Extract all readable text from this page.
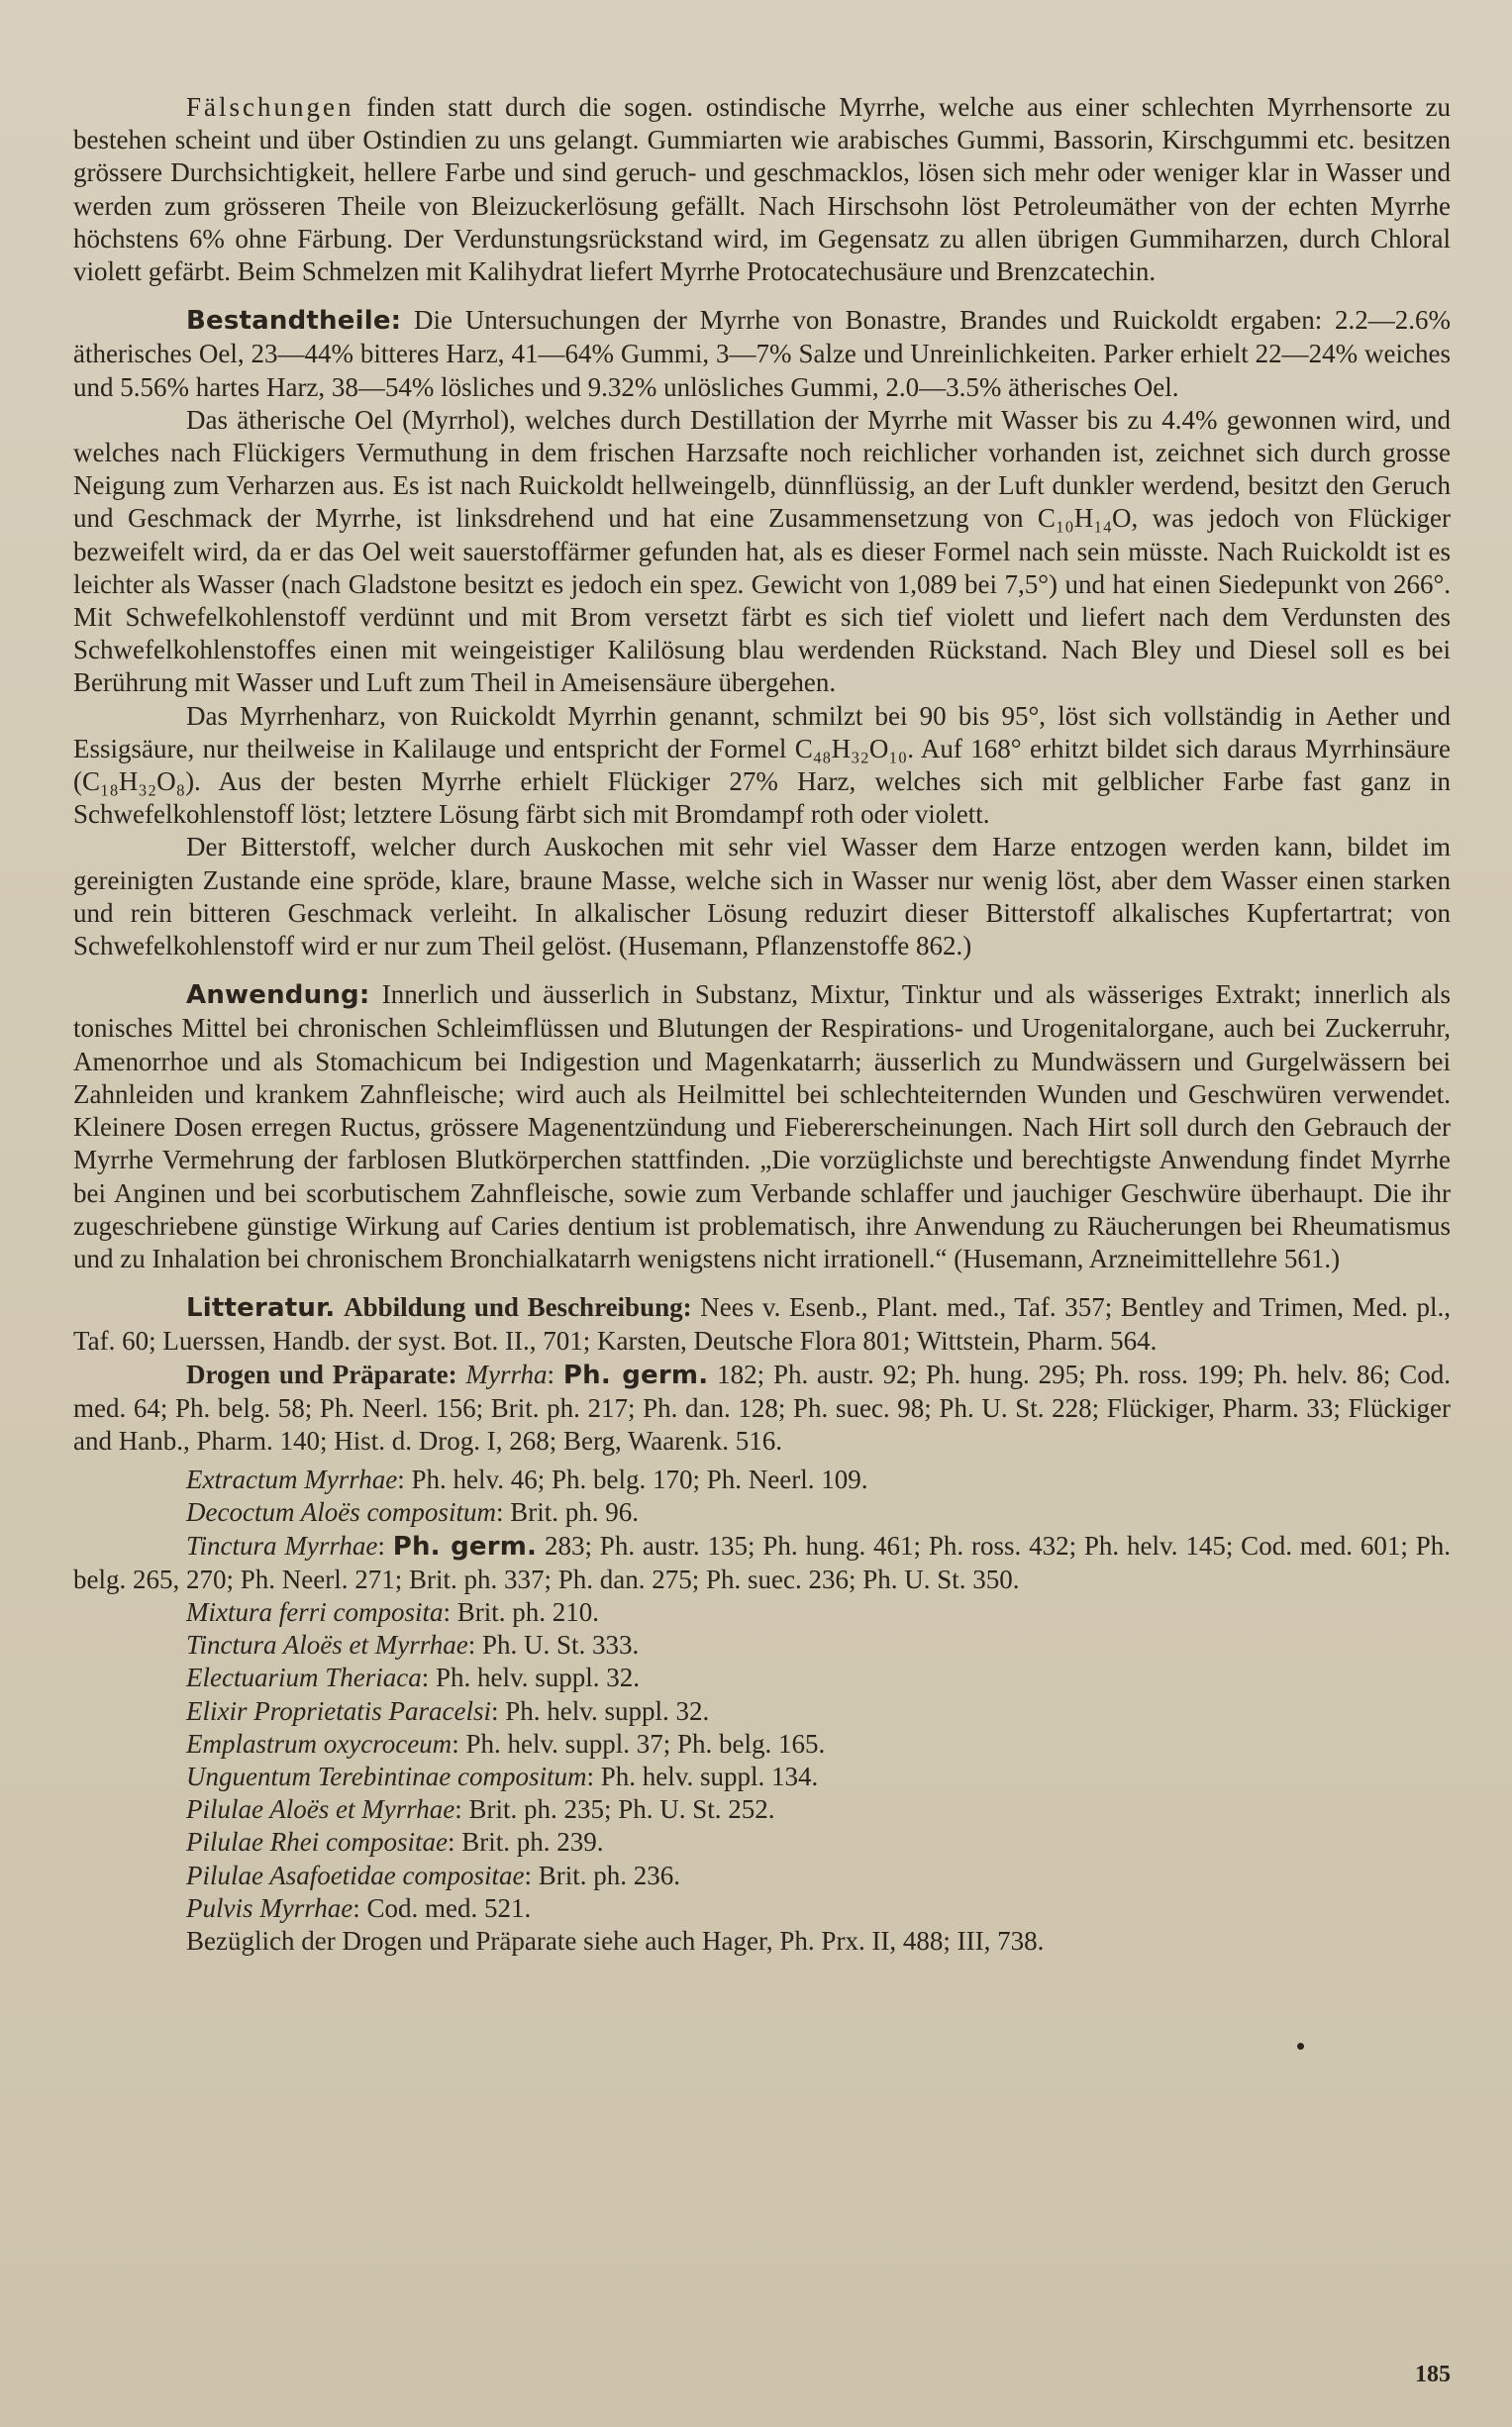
Fälschungen finden statt durch die sogen. ostindische Myrrhe, welche aus einer schlechten Myrrhensorte zu bestehen scheint und über Ostindien zu uns gelangt. Gummiarten wie arabisches Gummi, Bassorin, Kirschgummi etc. besitzen grössere Durchsichtigkeit, hellere Farbe und sind geruch- und geschmacklos, lösen sich mehr oder weniger klar in Wasser und werden zum grösseren Theile von Bleizuckerlösung gefällt. Nach Hirschsohn löst Petroleumäther von der echten Myrrhe höchstens 6% ohne Färbung. Der Verdunstungsrückstand wird, im Gegensatz zu allen übrigen Gummiharzen, durch Chloral violett gefärbt. Beim Schmelzen mit Kalihydrat liefert Myrrhe Protocatechusäure und Brenzcatechin.

Bestandtheile: Die Untersuchungen der Myrrhe von Bonastre, Brandes und Ruickoldt ergaben: 2.2—2.6% ätherisches Oel, 23—44% bitteres Harz, 41—64% Gummi, 3—7% Salze und Unreinlichkeiten. Parker erhielt 22—24% weiches und 5.56% hartes Harz, 38—54% lösliches und 9.32% unlösliches Gummi, 2.0—3.5% ätherisches Oel.

Das ätherische Oel (Myrrhol), welches durch Destillation der Myrrhe mit Wasser bis zu 4.4% gewonnen wird, und welches nach Flückigers Vermuthung in dem frischen Harzsafte noch reichlicher vorhanden ist, zeichnet sich durch grosse Neigung zum Verharzen aus. Es ist nach Ruickoldt hellweingelb, dünnflüssig, an der Luft dunkler werdend, besitzt den Geruch und Geschmack der Myrrhe, ist linksdrehend und hat eine Zusammensetzung von C₁₀H₁₄O, was jedoch von Flückiger bezweifelt wird, da er das Oel weit sauerstoffärmer gefunden hat, als es dieser Formel nach sein müsste. Nach Ruickoldt ist es leichter als Wasser (nach Gladstone besitzt es jedoch ein spez. Gewicht von 1,089 bei 7,5°) und hat einen Siedepunkt von 266°. Mit Schwefelkohlenstoff verdünnt und mit Brom versetzt färbt es sich tief violett und liefert nach dem Verdunsten des Schwefelkohlenstoffes einen mit weingeistiger Kalilösung blau werdenden Rückstand. Nach Bley und Diesel soll es bei Berührung mit Wasser und Luft zum Theil in Ameisensäure übergehen.

Das Myrrhenharz, von Ruickoldt Myrrhin genannt, schmilzt bei 90 bis 95°, löst sich vollständig in Aether und Essigsäure, nur theilweise in Kalilauge und entspricht der Formel C₄₈H₃₂O₁₀. Auf 168° erhitzt bildet sich daraus Myrrhinsäure (C₁₈H₃₂O₈). Aus der besten Myrrhe erhielt Flückiger 27% Harz, welches sich mit gelblicher Farbe fast ganz in Schwefelkohlenstoff löst; letztere Lösung färbt sich mit Bromdampf roth oder violett.

Der Bitterstoff, welcher durch Auskochen mit sehr viel Wasser dem Harze entzogen werden kann, bildet im gereinigten Zustande eine spröde, klare, braune Masse, welche sich in Wasser nur wenig löst, aber dem Wasser einen starken und rein bitteren Geschmack verleiht. In alkalischer Lösung reduzirt dieser Bitterstoff alkalisches Kupfertartrat; von Schwefelkohlenstoff wird er nur zum Theil gelöst. (Husemann, Pflanzenstoffe 862.)

Anwendung: Innerlich und äusserlich in Substanz, Mixtur, Tinktur und als wässeriges Extrakt; innerlich als tonisches Mittel bei chronischen Schleimflüssen und Blutungen der Respirations- und Urogenitalorgane, auch bei Zuckerruhr, Amenorrhoe und als Stomachicum bei Indigestion und Magenkatarrh; äusserlich zu Mundwässern und Gurgelwässern bei Zahnleiden und krankem Zahnfleische; wird auch als Heilmittel bei schlechteiternden Wunden und Geschwüren verwendet. Kleinere Dosen erregen Ructus, grössere Magenentzündung und Fiebererscheinungen. Nach Hirt soll durch den Gebrauch der Myrrhe Vermehrung der farblosen Blutkörperchen stattfinden. „Die vorzüglichste und berechtigste Anwendung findet Myrrhe bei Anginen und bei scorbutischem Zahnfleische, sowie zum Verbande schlaffer und jauchiger Geschwüre überhaupt. Die ihr zugeschriebene günstige Wirkung auf Caries dentium ist problematisch, ihre Anwendung zu Räucherungen bei Rheumatismus und zu Inhalation bei chronischem Bronchialkatarrh wenigstens nicht irrationell.“ (Husemann, Arzneimittellehre 561.)

Litteratur. Abbildung und Beschreibung: Nees v. Esenb., Plant. med., Taf. 357; Bentley and Trimen, Med. pl., Taf. 60; Luerssen, Handb. der syst. Bot. II., 701; Karsten, Deutsche Flora 801; Wittstein, Pharm. 564.

Drogen und Präparate: Myrrha: Ph. germ. 182; Ph. austr. 92; Ph. hung. 295; Ph. ross. 199; Ph. helv. 86; Cod. med. 64; Ph. belg. 58; Ph. Neerl. 156; Brit. ph. 217; Ph. dan. 128; Ph. suec. 98; Ph. U. St. 228; Flückiger, Pharm. 33; Flückiger and Hanb., Pharm. 140; Hist. d. Drog. I, 268; Berg, Waarenk. 516.

Extractum Myrrhae: Ph. helv. 46; Ph. belg. 170; Ph. Neerl. 109.

Decoctum Aloës compositum: Brit. ph. 96.

Tinctura Myrrhae: Ph. germ. 283; Ph. austr. 135; Ph. hung. 461; Ph. ross. 432; Ph. helv. 145; Cod. med. 601; Ph. belg. 265, 270; Ph. Neerl. 271; Brit. ph. 337; Ph. dan. 275; Ph. suec. 236; Ph. U. St. 350.

Mixtura ferri composita: Brit. ph. 210.

Tinctura Aloës et Myrrhae: Ph. U. St. 333.

Electuarium Theriaca: Ph. helv. suppl. 32.

Elixir Proprietatis Paracelsi: Ph. helv. suppl. 32.

Emplastrum oxycroceum: Ph. helv. suppl. 37; Ph. belg. 165.

Unguentum Terebintinae compositum: Ph. helv. suppl. 134.

Pilulae Aloës et Myrrhae: Brit. ph. 235; Ph. U. St. 252.

Pilulae Rhei compositae: Brit. ph. 239.

Pilulae Asafoetidae compositae: Brit. ph. 236.

Pulvis Myrrhae: Cod. med. 521.

Bezüglich der Drogen und Präparate siehe auch Hager, Ph. Prx. II, 488; III, 738.

185
